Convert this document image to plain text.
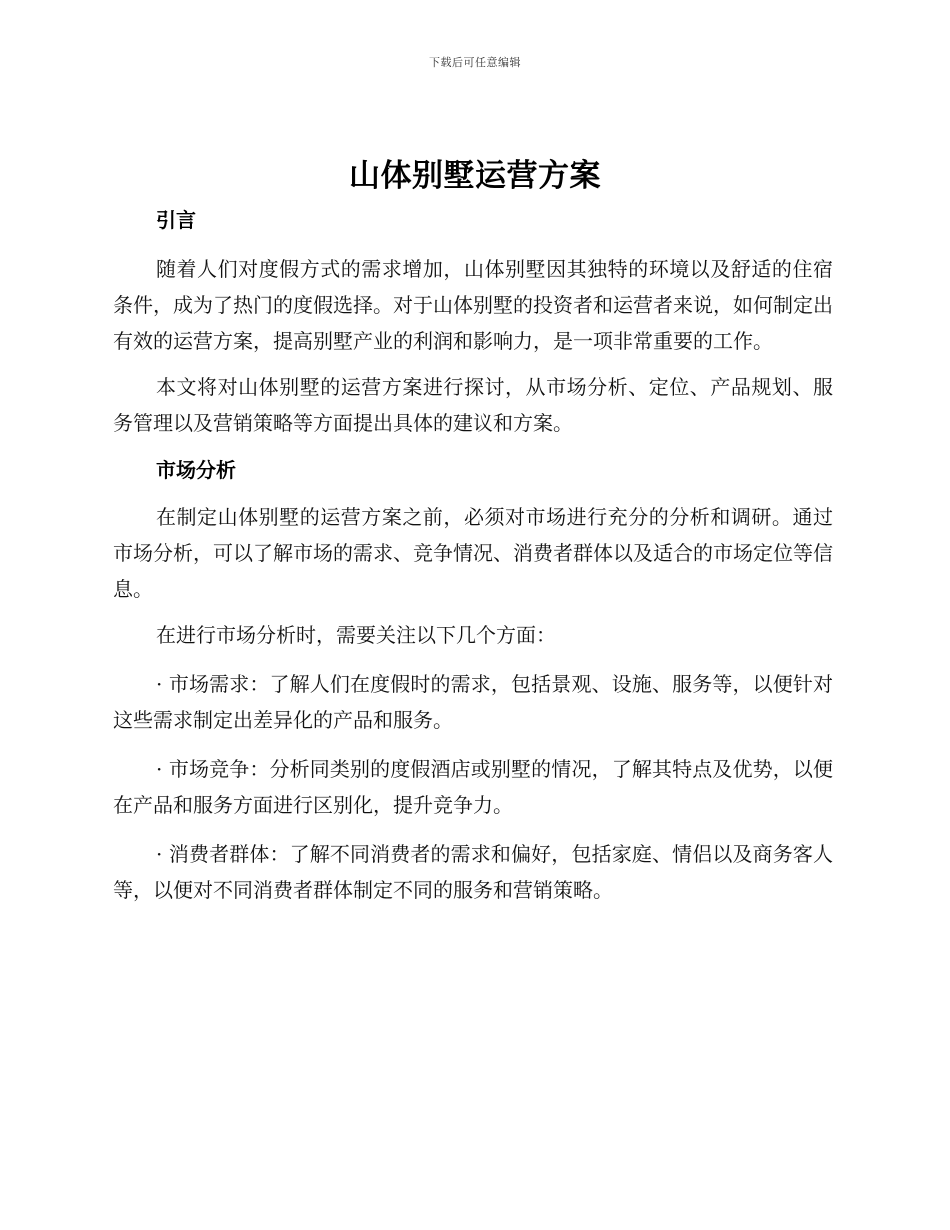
下载后可任意编辑
山体别墅运营方案
引言

随着人们对度假方式的需求增加，山体别墅因其独特的环境以及舒适的住宿条件，成为了热门的度假选择。对于山体别墅的投资者和运营者来说，如何制定出有效的运营方案，提高别墅产业的利润和影响力，是一项非常重要的工作。

本文将对山体别墅的运营方案进行探讨，从市场分析、定位、产品规划、服务管理以及营销策略等方面提出具体的建议和方案。

市场分析

在制定山体别墅的运营方案之前，必须对市场进行充分的分析和调研。通过市场分析，可以了解市场的需求、竞争情况、消费者群体以及适合的市场定位等信息。

在进行市场分析时，需要关注以下几个方面：

· 市场需求：了解人们在度假时的需求，包括景观、设施、服务等，以便针对这些需求制定出差异化的产品和服务。

· 市场竞争：分析同类别的度假酒店或别墅的情况，了解其特点及优势，以便在产品和服务方面进行区别化，提升竞争力。

· 消费者群体：了解不同消费者的需求和偏好，包括家庭、情侣以及商务客人等，以便对不同消费者群体制定不同的服务和营销策略。
